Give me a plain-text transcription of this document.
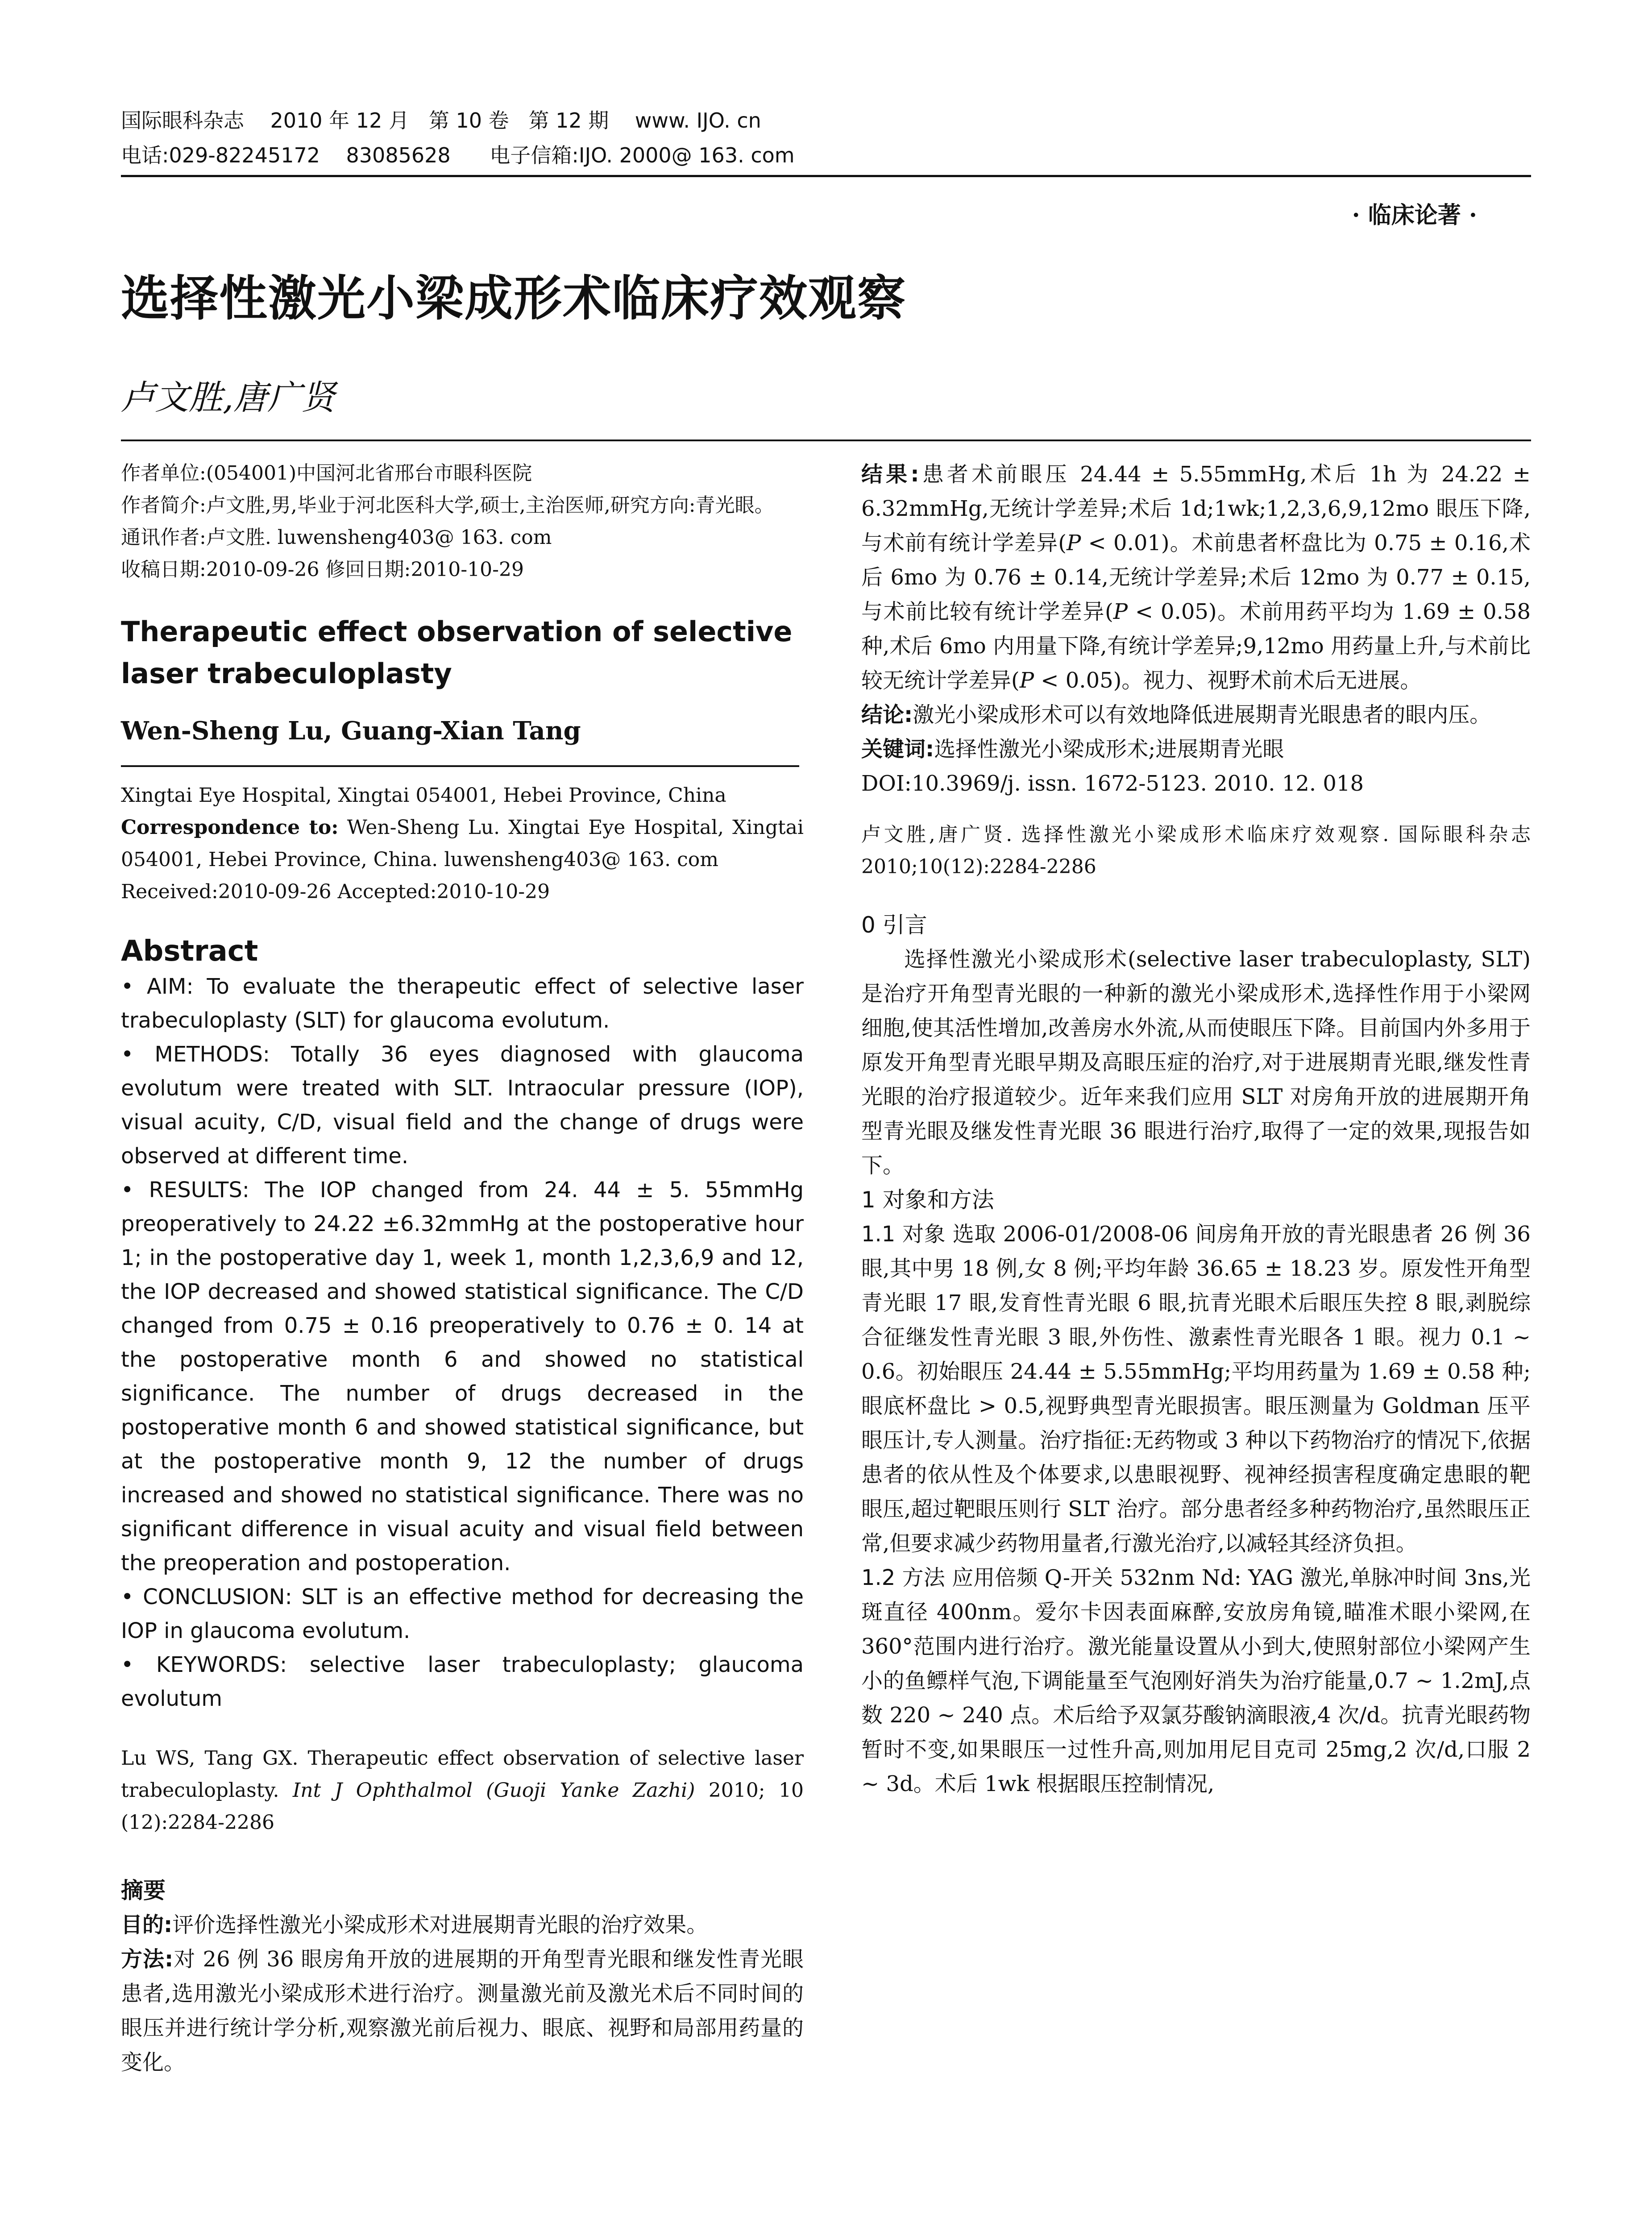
国际眼科杂志    2010 年 12 月   第 10 卷   第 12 期    www. IJO. cn
电话:029-82245172    83085628      电子信箱:IJO. 2000@ 163. com
· 临床论著 ·
选择性激光小梁成形术临床疗效观察
卢文胜,唐广贤
作者单位:(054001)中国河北省邢台市眼科医院
作者简介:卢文胜,男,毕业于河北医科大学,硕士,主治医师,研究方向:青光眼。
通讯作者:卢文胜. luwensheng403@ 163. com
收稿日期:2010-09-26 修回日期:2010-10-29
Therapeutic effect observation of selective laser trabeculoplasty
Wen-Sheng Lu, Guang-Xian Tang
Xingtai Eye Hospital, Xingtai 054001, Hebei Province, China
Correspondence to: Wen-Sheng Lu. Xingtai Eye Hospital, Xingtai 054001, Hebei Province, China. luwensheng403@ 163. com
Received:2010-09-26 Accepted:2010-10-29
Abstract
• AIM: To evaluate the therapeutic effect of selective laser trabeculoplasty (SLT) for glaucoma evolutum.
• METHODS: Totally 36 eyes diagnosed with glaucoma evolutum were treated with SLT. Intraocular pressure (IOP), visual acuity, C/D, visual field and the change of drugs were observed at different time.
• RESULTS: The IOP changed from 24. 44 ± 5. 55mmHg preoperatively to 24.22 ±6.32mmHg at the postoperative hour 1; in the postoperative day 1, week 1, month 1,2,3,6,9 and 12, the IOP decreased and showed statistical significance. The C/D changed from 0.75 ± 0.16 preoperatively to 0.76 ± 0. 14 at the postoperative month 6 and showed no statistical significance. The number of drugs decreased in the postoperative month 6 and showed statistical significance, but at the postoperative month 9, 12 the number of drugs increased and showed no statistical significance. There was no significant difference in visual acuity and visual field between the preoperation and postoperation.
• CONCLUSION: SLT is an effective method for decreasing the IOP in glaucoma evolutum.
• KEYWORDS: selective laser trabeculoplasty; glaucoma evolutum
Lu WS, Tang GX. Therapeutic effect observation of selective laser trabeculoplasty. Int J Ophthalmol (Guoji Yanke Zazhi) 2010; 10 (12):2284-2286
摘要
目的:评价选择性激光小梁成形术对进展期青光眼的治疗效果。
方法:对 26 例 36 眼房角开放的进展期的开角型青光眼和继发性青光眼患者,选用激光小梁成形术进行治疗。测量激光前及激光术后不同时间的眼压并进行统计学分析,观察激光前后视力、眼底、视野和局部用药量的变化。
结果:患者术前眼压 24.44 ± 5.55mmHg,术后 1h 为 24.22 ± 6.32mmHg,无统计学差异;术后 1d;1wk;1,2,3,6,9,12mo 眼压下降,与术前有统计学差异(P < 0.01)。术前患者杯盘比为 0.75 ± 0.16,术后 6mo 为 0.76 ± 0.14,无统计学差异;术后 12mo 为 0.77 ± 0.15,与术前比较有统计学差异(P < 0.05)。术前用药平均为 1.69 ± 0.58 种,术后 6mo 内用量下降,有统计学差异;9,12mo 用药量上升,与术前比较无统计学差异(P < 0.05)。视力、视野术前术后无进展。
结论:激光小梁成形术可以有效地降低进展期青光眼患者的眼内压。
关键词:选择性激光小梁成形术;进展期青光眼
DOI:10.3969/j. issn. 1672-5123. 2010. 12. 018
卢文胜,唐广贤. 选择性激光小梁成形术临床疗效观察. 国际眼科杂志 2010;10(12):2284-2286
0 引言
选择性激光小梁成形术(selective laser trabeculoplasty, SLT)是治疗开角型青光眼的一种新的激光小梁成形术,选择性作用于小梁网细胞,使其活性增加,改善房水外流,从而使眼压下降。目前国内外多用于原发开角型青光眼早期及高眼压症的治疗,对于进展期青光眼,继发性青光眼的治疗报道较少。近年来我们应用 SLT 对房角开放的进展期开角型青光眼及继发性青光眼 36 眼进行治疗,取得了一定的效果,现报告如下。
1 对象和方法
1.1 对象 选取 2006-01/2008-06 间房角开放的青光眼患者 26 例 36 眼,其中男 18 例,女 8 例;平均年龄 36.65 ± 18.23 岁。原发性开角型青光眼 17 眼,发育性青光眼 6 眼,抗青光眼术后眼压失控 8 眼,剥脱综合征继发性青光眼 3 眼,外伤性、激素性青光眼各 1 眼。视力 0.1 ~ 0.6。初始眼压 24.44 ± 5.55mmHg;平均用药量为 1.69 ± 0.58 种;眼底杯盘比 > 0.5,视野典型青光眼损害。眼压测量为 Goldman 压平眼压计,专人测量。治疗指征:无药物或 3 种以下药物治疗的情况下,依据患者的依从性及个体要求,以患眼视野、视神经损害程度确定患眼的靶眼压,超过靶眼压则行 SLT 治疗。部分患者经多种药物治疗,虽然眼压正常,但要求减少药物用量者,行激光治疗,以减轻其经济负担。
1.2 方法 应用倍频 Q-开关 532nm Nd: YAG 激光,单脉冲时间 3ns,光斑直径 400nm。爱尔卡因表面麻醉,安放房角镜,瞄准术眼小梁网,在 360°范围内进行治疗。激光能量设置从小到大,使照射部位小梁网产生小的鱼鳔样气泡,下调能量至气泡刚好消失为治疗能量,0.7 ~ 1.2mJ,点数 220 ~ 240 点。术后给予双氯芬酸钠滴眼液,4 次/d。抗青光眼药物暂时不变,如果眼压一过性升高,则加用尼目克司 25mg,2 次/d,口服 2 ~ 3d。术后 1wk 根据眼压控制情况,
